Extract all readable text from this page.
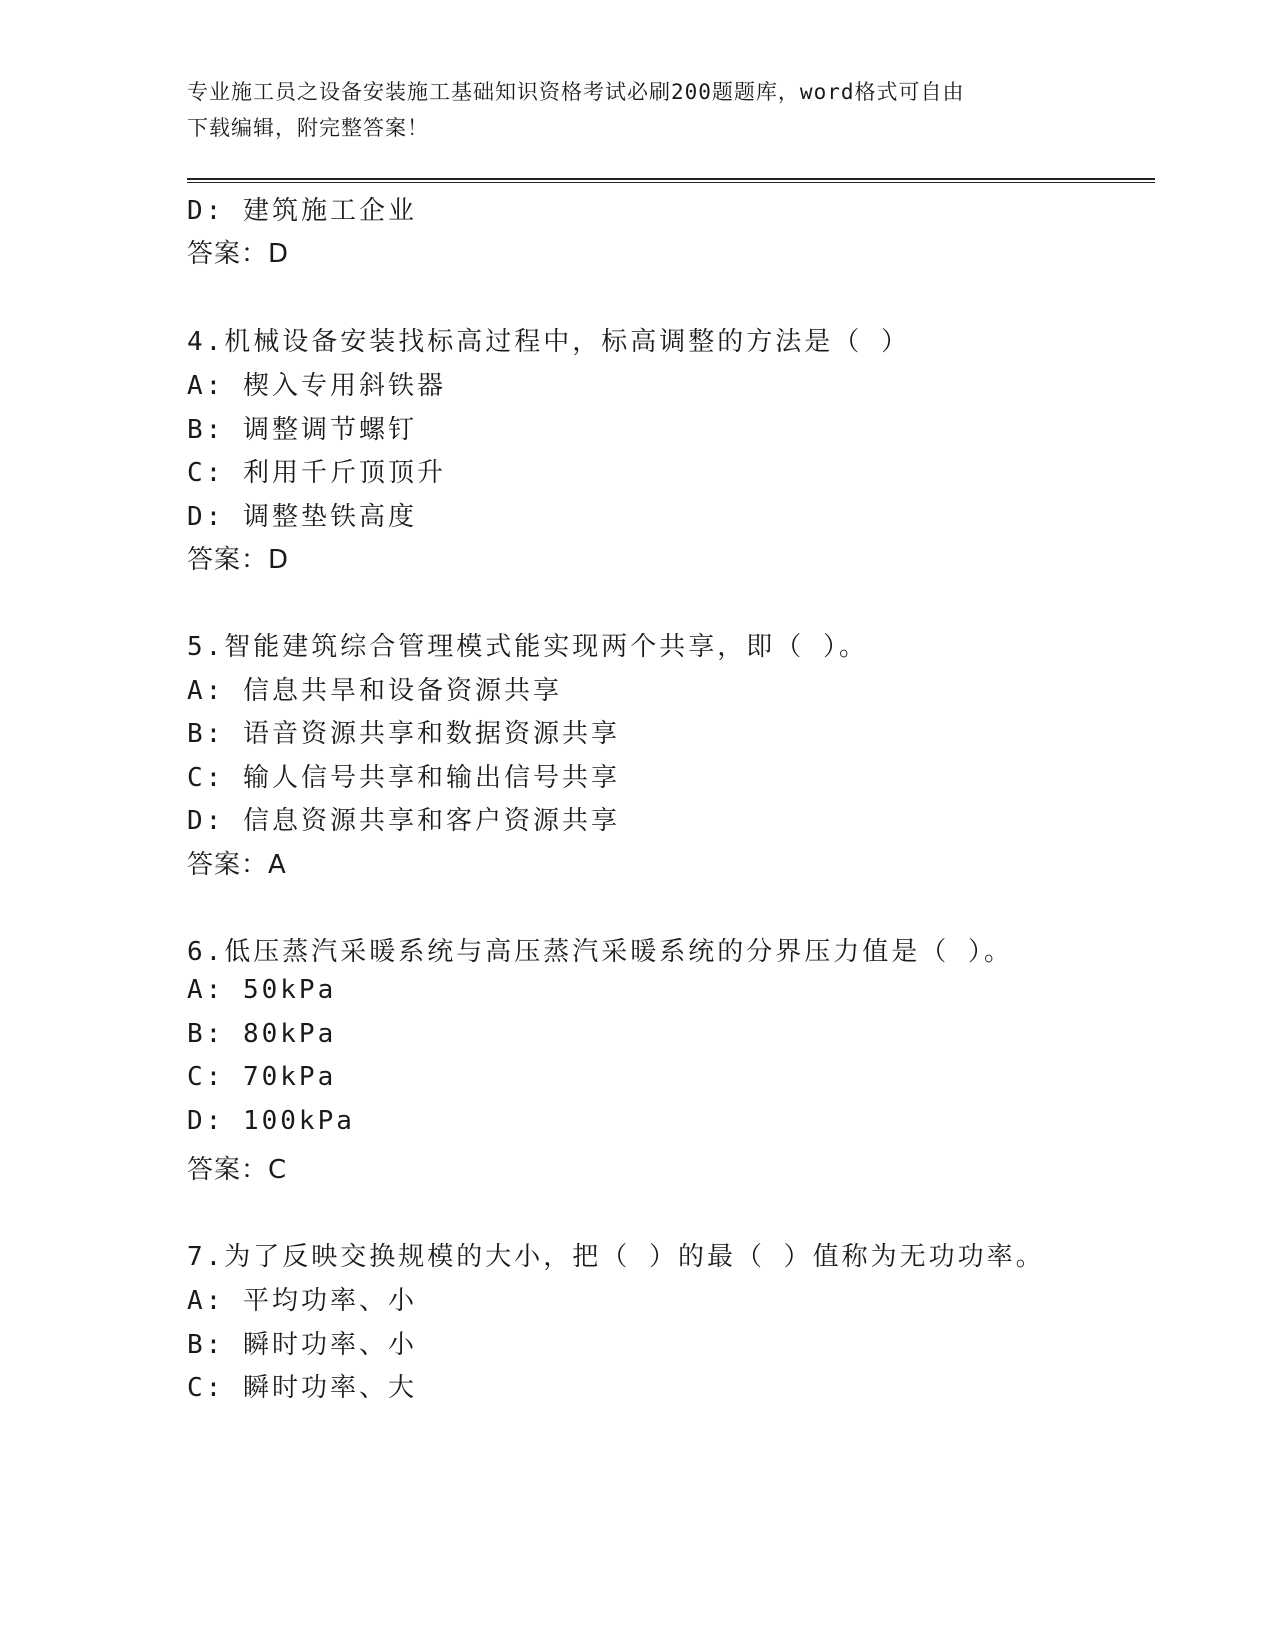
专业施工员之设备安装施工基础知识资格考试必刷200题题库，word格式可自由
下载编辑，附完整答案！
D: 建筑施工企业
答案：D
4.机械设备安装找标高过程中，标高调整的方法是（ ）
A: 楔入专用斜铁器
B: 调整调节螺钉
C: 利用千斤顶顶升
D: 调整垫铁高度
答案：D
5.智能建筑综合管理模式能实现两个共享，即（ ）。
A: 信息共旱和设备资源共享
B: 语音资源共享和数据资源共享
C: 输人信号共享和输出信号共享
D: 信息资源共享和客户资源共享
答案：A
6.低压蒸汽采暖系统与高压蒸汽采暖系统的分界压力值是（ ）。
A: 50kPa
B: 80kPa
C: 70kPa
D: 100kPa
答案：C
7.为了反映交换规模的大小，把（ ）的最（ ）值称为无功功率。
A: 平均功率、小
B: 瞬时功率、小
C: 瞬时功率、大
